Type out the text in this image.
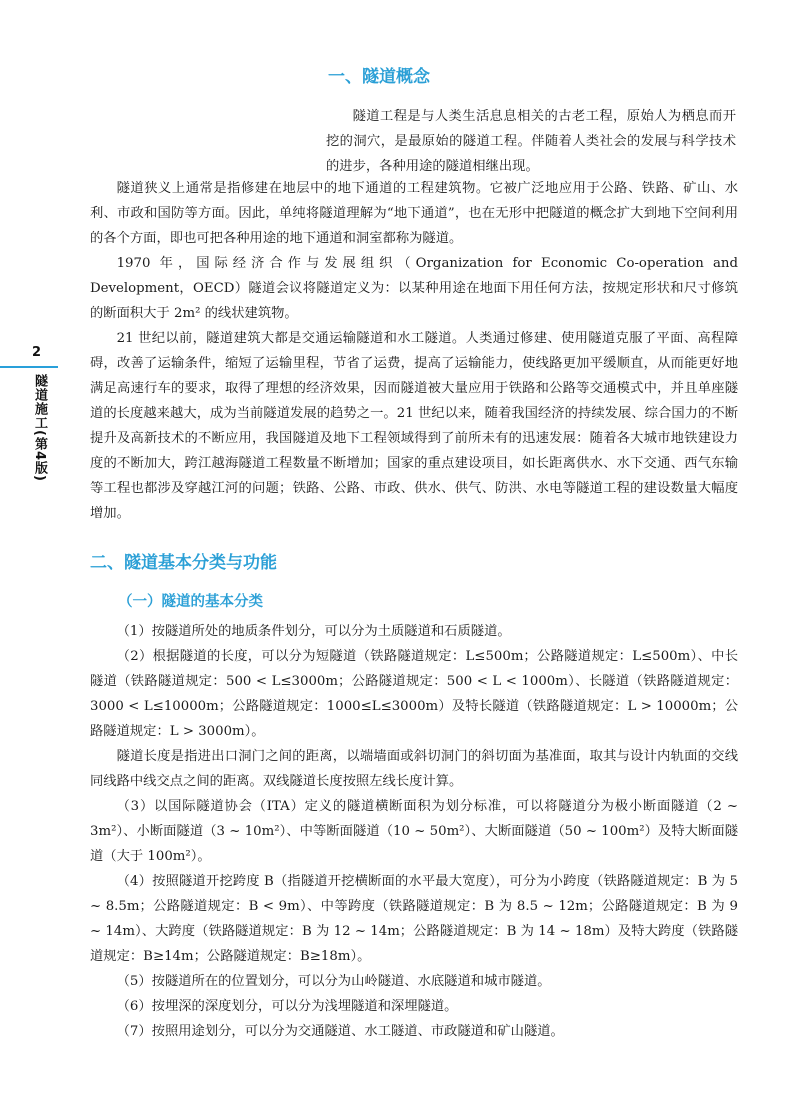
2
隧道施工(第4版)
一、隧道概念

隧道工程是与人类生活息息相关的古老工程，原始人为栖息而开挖的洞穴，是最原始的隧道工程。伴随着人类社会的发展与科学技术的进步，各种用途的隧道相继出现。

隧道狭义上通常是指修建在地层中的地下通道的工程建筑物。它被广泛地应用于公路、铁路、矿山、水利、市政和国防等方面。因此，单纯将隧道理解为“地下通道”，也在无形中把隧道的概念扩大到地下空间利用的各个方面，即也可把各种用途的地下通道和洞室都称为隧道。

1970 年，国际经济合作与发展组织（Organization for Economic Co-operation and Development，OECD）隧道会议将隧道定义为：以某种用途在地面下用任何方法，按规定形状和尺寸修筑的断面积大于 2m² 的线状建筑物。

21 世纪以前，隧道建筑大都是交通运输隧道和水工隧道。人类通过修建、使用隧道克服了平面、高程障碍，改善了运输条件，缩短了运输里程，节省了运费，提高了运输能力，使线路更加平缓顺直，从而能更好地满足高速行车的要求，取得了理想的经济效果，因而隧道被大量应用于铁路和公路等交通模式中，并且单座隧道的长度越来越大，成为当前隧道发展的趋势之一。21 世纪以来，随着我国经济的持续发展、综合国力的不断提升及高新技术的不断应用，我国隧道及地下工程领域得到了前所未有的迅速发展：随着各大城市地铁建设力度的不断加大，跨江越海隧道工程数量不断增加；国家的重点建设项目，如长距离供水、水下交通、西气东输等工程也都涉及穿越江河的问题；铁路、公路、市政、供水、供气、防洪、水电等隧道工程的建设数量大幅度增加。

二、隧道基本分类与功能
（一）隧道的基本分类

（1）按隧道所处的地质条件划分，可以分为土质隧道和石质隧道。

（2）根据隧道的长度，可以分为短隧道（铁路隧道规定：L≤500m；公路隧道规定：L≤500m）、中长隧道（铁路隧道规定：500 < L≤3000m；公路隧道规定：500 < L < 1000m）、长隧道（铁路隧道规定：3000 < L≤10000m；公路隧道规定：1000≤L≤3000m）及特长隧道（铁路隧道规定：L > 10000m；公路隧道规定：L > 3000m）。

隧道长度是指进出口洞门之间的距离，以端墙面或斜切洞门的斜切面为基准面，取其与设计内轨面的交线同线路中线交点之间的距离。双线隧道长度按照左线长度计算。

（3）以国际隧道协会（ITA）定义的隧道横断面积为划分标准，可以将隧道分为极小断面隧道（2 ~ 3m²）、小断面隧道（3 ~ 10m²）、中等断面隧道（10 ~ 50m²）、大断面隧道（50 ~ 100m²）及特大断面隧道（大于 100m²）。

（4）按照隧道开挖跨度 B（指隧道开挖横断面的水平最大宽度），可分为小跨度（铁路隧道规定：B 为 5 ~ 8.5m；公路隧道规定：B < 9m）、中等跨度（铁路隧道规定：B 为 8.5 ~ 12m；公路隧道规定：B 为 9 ~ 14m）、大跨度（铁路隧道规定：B 为 12 ~ 14m；公路隧道规定：B 为 14 ~ 18m）及特大跨度（铁路隧道规定：B≥14m；公路隧道规定：B≥18m）。

（5）按隧道所在的位置划分，可以分为山岭隧道、水底隧道和城市隧道。

（6）按埋深的深度划分，可以分为浅埋隧道和深埋隧道。

（7）按照用途划分，可以分为交通隧道、水工隧道、市政隧道和矿山隧道。
